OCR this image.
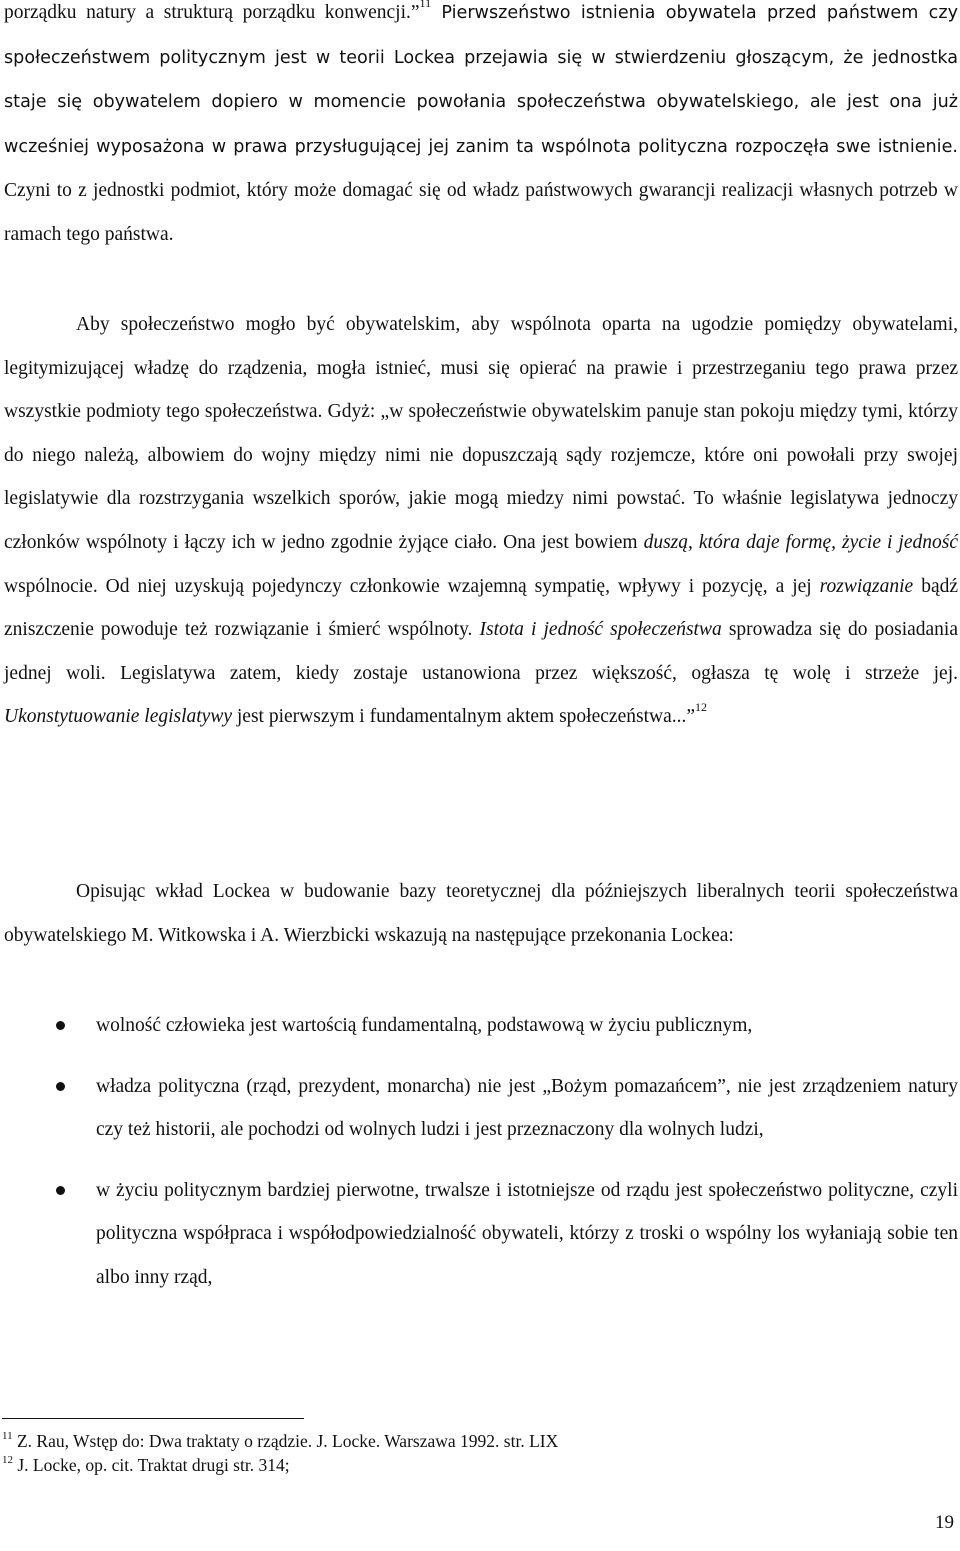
porządku natury a strukturą porządku konwencji.”$^{11}$ Pierwszeństwo istnienia obywatela przed państwem czy społeczeństwem politycznym jest w teorii Lockea przejawia się w stwierdzeniu głoszącym, że jednostka staje się obywatelem dopiero w momencie powołania społeczeństwa obywatelskiego, ale jest ona już wcześniej wyposażona w prawa przysługującej jej zanim ta wspólnota polityczna rozpoczęła swe istnienie. Czyni to z jednostki podmiot, który może domagać się od władz państwowych gwarancji realizacji własnych potrzeb w ramach tego państwa.

Aby społeczeństwo mogło być obywatelskim, aby wspólnota oparta na ugodzie pomiędzy obywatelami, legitymizującej władzę do rządzenia, mogła istnieć, musi się opierać na prawie i przestrzeganiu tego prawa przez wszystkie podmioty tego społeczeństwa. Gdyż: „w społeczeństwie obywatelskim panuje stan pokoju między tymi, którzy do niego należą, albowiem do wojny między nimi nie dopuszczają sądy rozjemcze, które oni powołali przy swojej legislatywie dla rozstrzygania wszelkich sporów, jakie mogą miedzy nimi powstać. To właśnie legislatywa jednoczy członków wspólnoty i łączy ich w jedno zgodnie żyjące ciało. Ona jest bowiem duszą, która daje formę, życie i jedność wspólnocie. Od niej uzyskują pojedynczy członkowie wzajemną sympatię, wpływy i pozycję, a jej rozwiązanie bądź zniszczenie powoduje też rozwiązanie i śmierć wspólnoty. Istota i jedność społeczeństwa sprowadza się do posiadania jednej woli. Legislatywa zatem, kiedy zostaje ustanowiona przez większość, ogłasza tę wolę i strzeże jej. Ukonstytuowanie legislatywy jest pierwszym i fundamentalnym aktem społeczeństwa...”$^{12}$

Opisując wkład Lockea w budowanie bazy teoretycznej dla późniejszych liberalnych teorii społeczeństwa obywatelskiego M. Witkowska i A. Wierzbicki wskazują na następujące przekonania Lockea:

wolność człowieka jest wartością fundamentalną, podstawową w życiu publicznym,
władza polityczna (rząd, prezydent, monarcha) nie jest „Bożym pomazańcem”, nie jest zrządzeniem natury czy też historii, ale pochodzi od wolnych ludzi i jest przeznaczony dla wolnych ludzi,
w życiu politycznym bardziej pierwotne, trwalsze i istotniejsze od rządu jest społeczeństwo polityczne, czyli polityczna współpraca i współodpowiedzialność obywateli, którzy z troski o wspólny los wyłaniają sobie ten albo inny rząd,
$^{11}$ Z. Rau, Wstęp do: Dwa traktaty o rządzie. J. Locke. Warszawa 1992. str. LIX
$^{12}$ J. Locke, op. cit. Traktat drugi str. 314;
19
